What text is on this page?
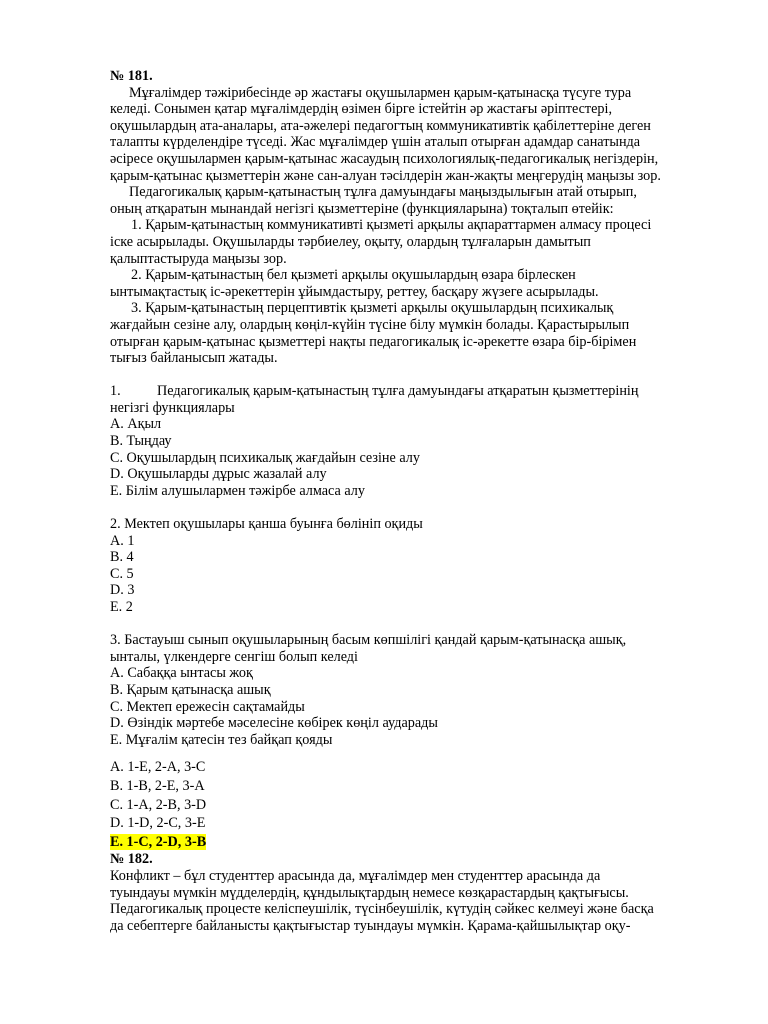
№ 181.
Мұғалімдер тәжірибесінде әр жастағы оқушылармен қарым-қатынасқа түсуге тура
келеді. Сонымен қатар мұғалімдердің өзімен бірге істейтін әр жастағы әріптестері,
оқушылардың ата-аналары, ата-әжелері педагогтың коммуникативтік қабілеттеріне деген
талапты күрделендіре түседі. Жас мұғалімдер үшін аталып отырған адамдар санатында
әсіресе оқушылармен қарым-қатынас жасаудың психологиялық-педагогикалық негіздерін,
қарым-қатынас қызметтерін және сан-алуан тәсілдерін жан-жақты меңгерудің маңызы зор.
Педагогикалық қарым-қатынастың тұлға дамуындағы маңыздылығын атай отырып,
оның атқаратын мынандай негізгі қызметтеріне (функцияларына) тоқталып өтейік:
1. Қарым-қатынастың коммуникативті қызметі арқылы ақпараттармен алмасу процесі
іске асырылады. Оқушыларды тәрбиелеу, оқыту, олардың тұлғаларын дамытып
қалыптастыруда маңызы зор.
2. Қарым-қатынастың бел қызметі арқылы оқушылардың өзара бірлескен
ынтымақтастық іс-әрекеттерін ұйымдастыру, реттеу, басқару жүзеге асырылады.
3. Қарым-қатынастың перцептивтік қызметі арқылы оқушылардың психикалық
жағдайын сезіне алу, олардың көңіл-күйін түсіне білу мүмкін болады. Қарастырылып
отырған қарым-қатынас қызметтері нақты педагогикалық іс-әрекетте өзара бір-бірімен
тығыз байланысып жатады.
1.	Педагогикалық қарым-қатынастың тұлға дамуындағы атқаратын қызметтерінің
негізгі функциялары
A. Ақыл
B. Тыңдау
C. Оқушылардың психикалық жағдайын сезіне алу
D. Оқушыларды дұрыс жазалай алу
E. Білім алушылармен тәжірбе алмаса алу
2. Мектеп оқушылары қанша буынға бөлініп оқиды
A. 1
B. 4
C. 5
D. 3
E. 2
3. Бастауыш сынып оқушыларының басым көпшілігі қандай қарым-қатынасқа ашық,
ынталы, үлкендерге сенгіш болып келеді
A. Сабаққа ынтасы жоқ
B. Қарым қатынасқа ашық
C. Мектеп ережесін сақтамайды
D. Өзіндік мәртебе мәселесіне көбірек көңіл аударады
E. Мұғалім қатесін тез байқап қояды
A. 1-E, 2-A, 3-C
B. 1-B, 2-E, 3-A
C. 1-A, 2-B, 3-D
D. 1-D, 2-C, 3-E
E. 1-C, 2-D, 3-B
№ 182.
Конфликт – бұл студенттер арасында да, мұғалімдер мен студенттер арасында да
туындауы мүмкін мүдделердің, құндылықтардың немесе көзқарастардың қақтығысы.
Педагогикалық процесте келіспеушілік, түсінбеушілік, күтудің сәйкес келмеуі және басқа
да себептерге байланысты қақтығыстар туындауы мүмкін. Қарама-қайшылықтар оқу-
